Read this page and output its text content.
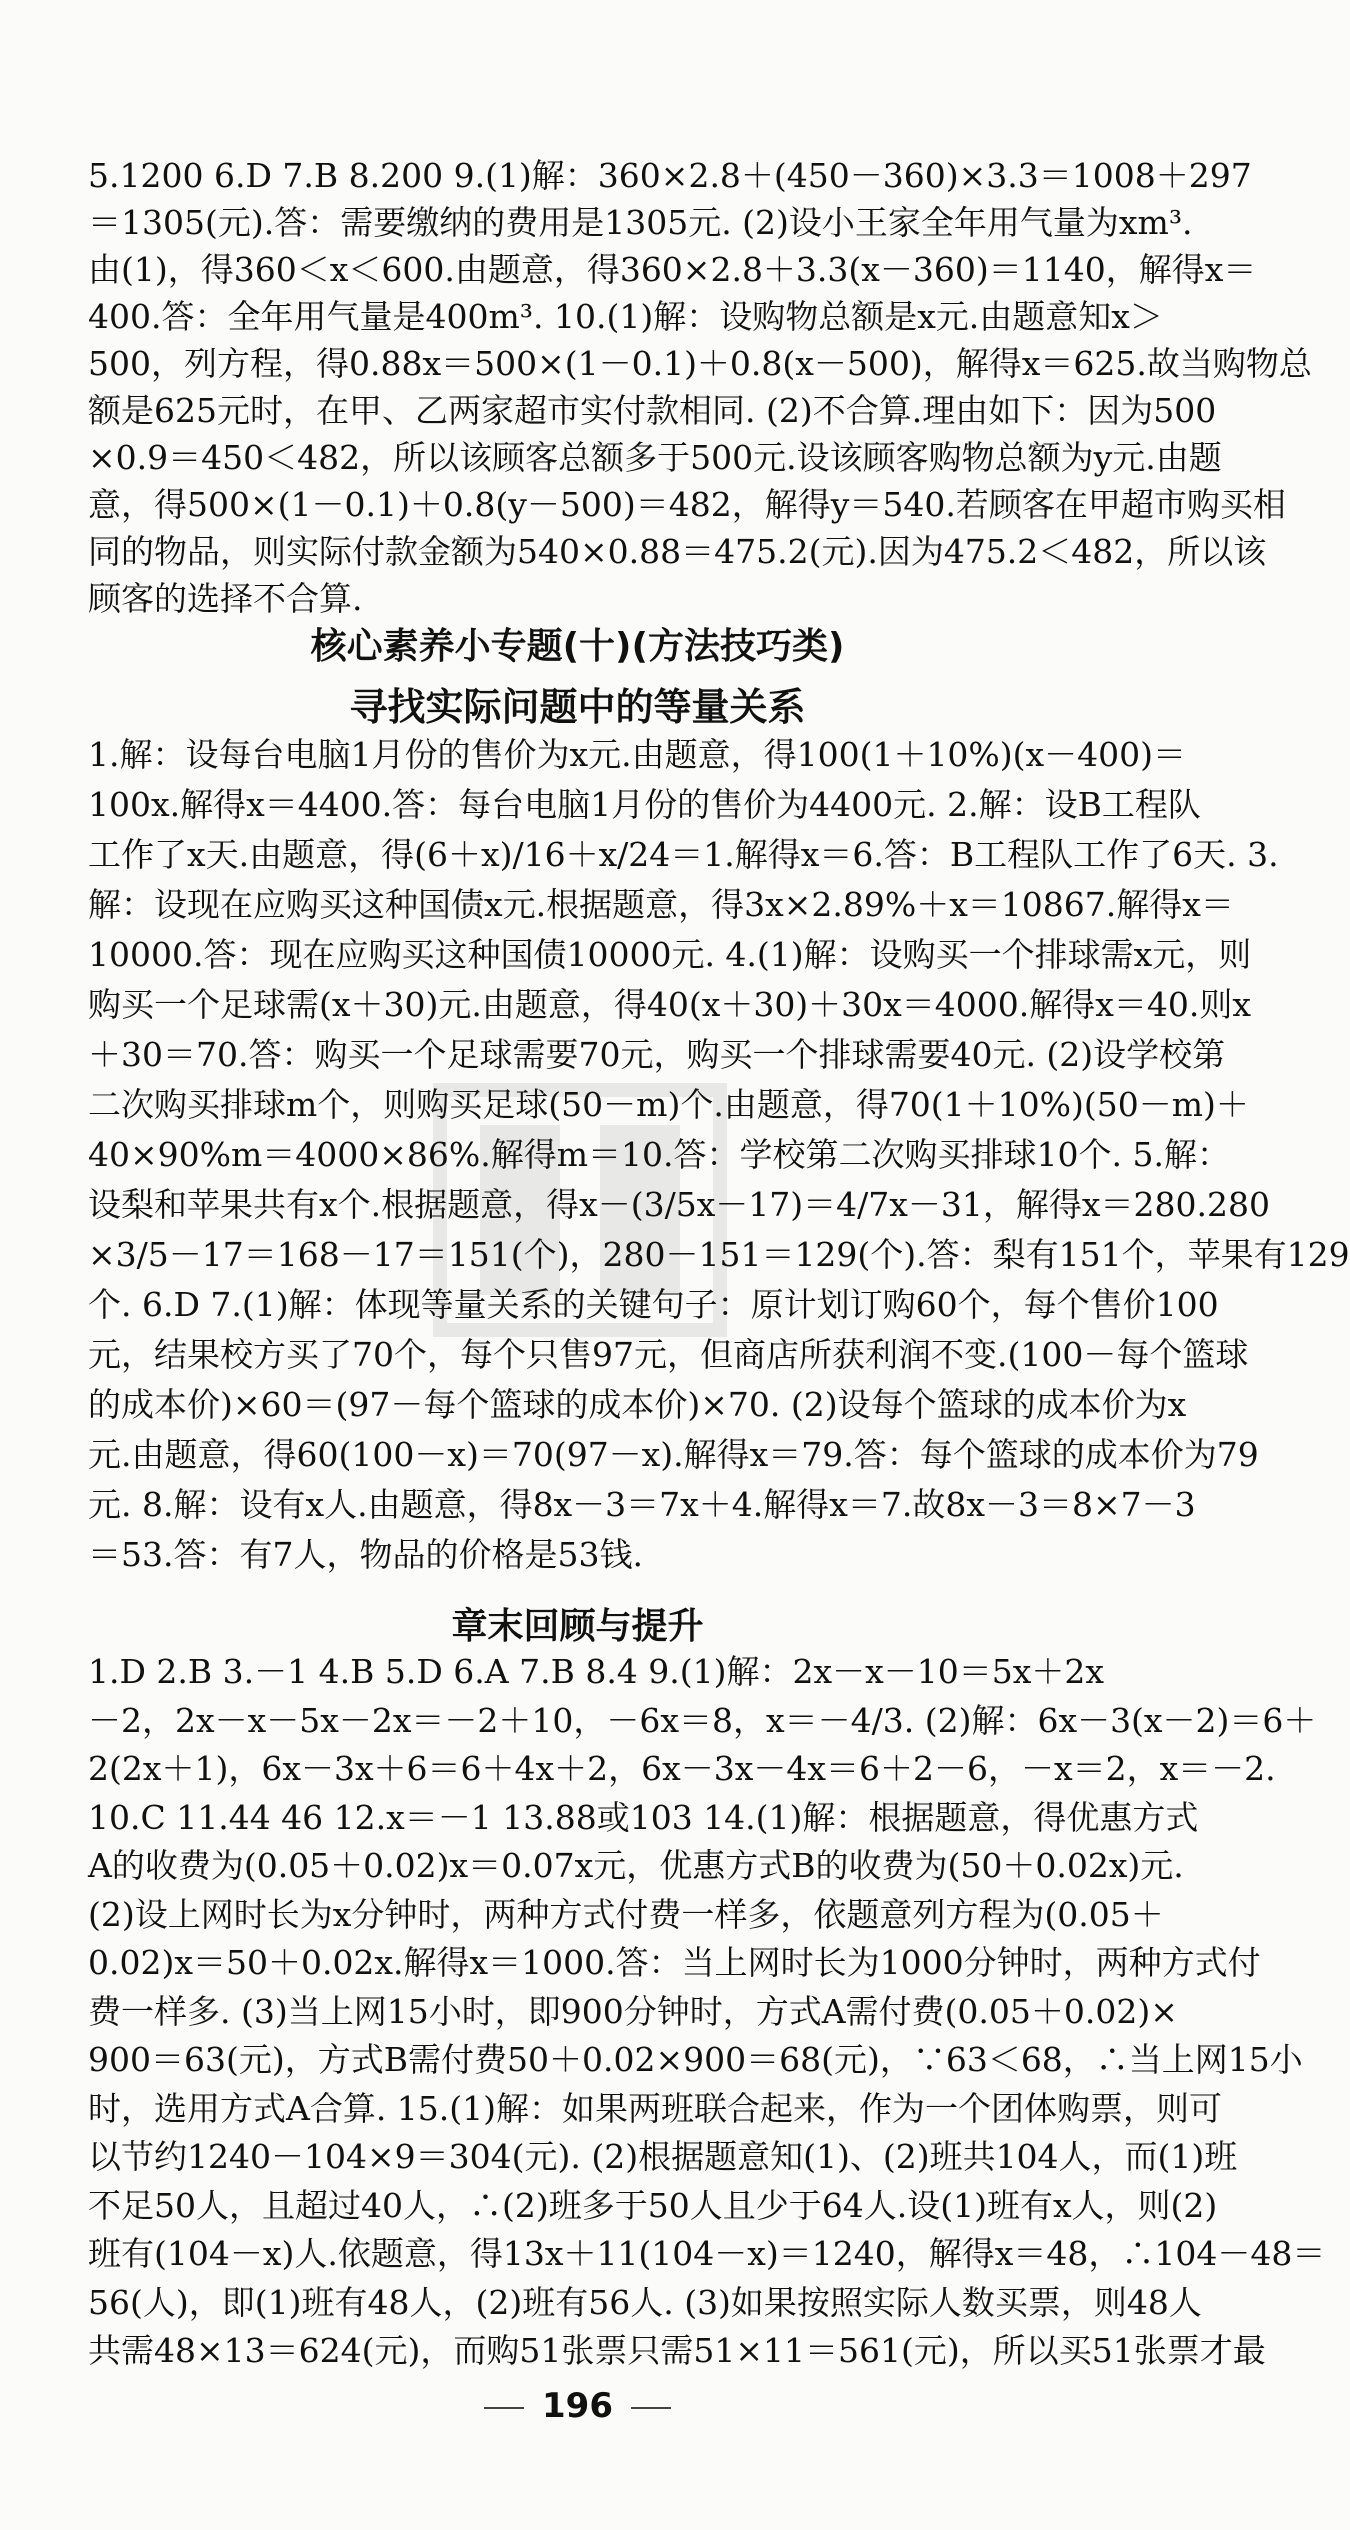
5.1200 6.D 7.B 8.200 9.(1)解：360×2.8＋(450－360)×3.3＝1008＋297
＝1305(元).答：需要缴纳的费用是1305元. (2)设小王家全年用气量为xm³.
由(1)，得360＜x＜600.由题意，得360×2.8＋3.3(x－360)＝1140，解得x＝
400.答：全年用气量是400m³. 10.(1)解：设购物总额是x元.由题意知x＞
500，列方程，得0.88x＝500×(1－0.1)＋0.8(x－500)，解得x＝625.故当购物总
额是625元时，在甲、乙两家超市实付款相同. (2)不合算.理由如下：因为500
×0.9＝450＜482，所以该顾客总额多于500元.设该顾客购物总额为y元.由题
意，得500×(1－0.1)＋0.8(y－500)＝482，解得y＝540.若顾客在甲超市购买相
同的物品，则实际付款金额为540×0.88＝475.2(元).因为475.2＜482，所以该
顾客的选择不合算.

核心素养小专题(十)(方法技巧类)

寻找实际问题中的等量关系

1.解：设每台电脑1月份的售价为x元.由题意，得100(1＋10%)(x－400)＝
100x.解得x＝4400.答：每台电脑1月份的售价为4400元. 2.解：设B工程队
工作了x天.由题意，得(6＋x)/16＋x/24＝1.解得x＝6.答：B工程队工作了6天. 3.
解：设现在应购买这种国债x元.根据题意，得3x×2.89%＋x＝10867.解得x＝
10000.答：现在应购买这种国债10000元. 4.(1)解：设购买一个排球需x元，则
购买一个足球需(x＋30)元.由题意，得40(x＋30)＋30x＝4000.解得x＝40.则x
＋30＝70.答：购买一个足球需要70元，购买一个排球需要40元. (2)设学校第
二次购买排球m个，则购买足球(50－m)个.由题意，得70(1＋10%)(50－m)＋
40×90%m＝4000×86%.解得m＝10.答：学校第二次购买排球10个. 5.解：
设梨和苹果共有x个.根据题意，得x－(3/5x－17)＝4/7x－31，解得x＝280.280
×3/5－17＝168－17＝151(个)，280－151＝129(个).答：梨有151个，苹果有129
个. 6.D 7.(1)解：体现等量关系的关键句子：原计划订购60个，每个售价100
元，结果校方买了70个，每个只售97元，但商店所获利润不变.(100－每个篮球
的成本价)×60＝(97－每个篮球的成本价)×70. (2)设每个篮球的成本价为x
元.由题意，得60(100－x)＝70(97－x).解得x＝79.答：每个篮球的成本价为79
元. 8.解：设有x人.由题意，得8x－3＝7x＋4.解得x＝7.故8x－3＝8×7－3
＝53.答：有7人，物品的价格是53钱.

章末回顾与提升

1.D 2.B 3.－1 4.B 5.D 6.A 7.B 8.4 9.(1)解：2x－x－10＝5x＋2x
－2，2x－x－5x－2x＝－2＋10，－6x＝8，x＝－4/3. (2)解：6x－3(x－2)＝6＋
2(2x＋1)，6x－3x＋6＝6＋4x＋2，6x－3x－4x＝6＋2－6，－x＝2，x＝－2.
10.C 11.44 46 12.x＝－1 13.88或103 14.(1)解：根据题意，得优惠方式
A的收费为(0.05＋0.02)x＝0.07x元，优惠方式B的收费为(50＋0.02x)元.
(2)设上网时长为x分钟时，两种方式付费一样多，依题意列方程为(0.05＋
0.02)x＝50＋0.02x.解得x＝1000.答：当上网时长为1000分钟时，两种方式付
费一样多. (3)当上网15小时，即900分钟时，方式A需付费(0.05＋0.02)×
900＝63(元)，方式B需付费50＋0.02×900＝68(元)，∵63＜68，∴当上网15小
时，选用方式A合算. 15.(1)解：如果两班联合起来，作为一个团体购票，则可
以节约1240－104×9＝304(元). (2)根据题意知(1)、(2)班共104人，而(1)班
不足50人，且超过40人，∴(2)班多于50人且少于64人.设(1)班有x人，则(2)
班有(104－x)人.依题意，得13x＋11(104－x)＝1240，解得x＝48，∴104－48＝
56(人)，即(1)班有48人，(2)班有56人. (3)如果按照实际人数买票，则48人
共需48×13＝624(元)，而购51张票只需51×11＝561(元)，所以买51张票才最
196
